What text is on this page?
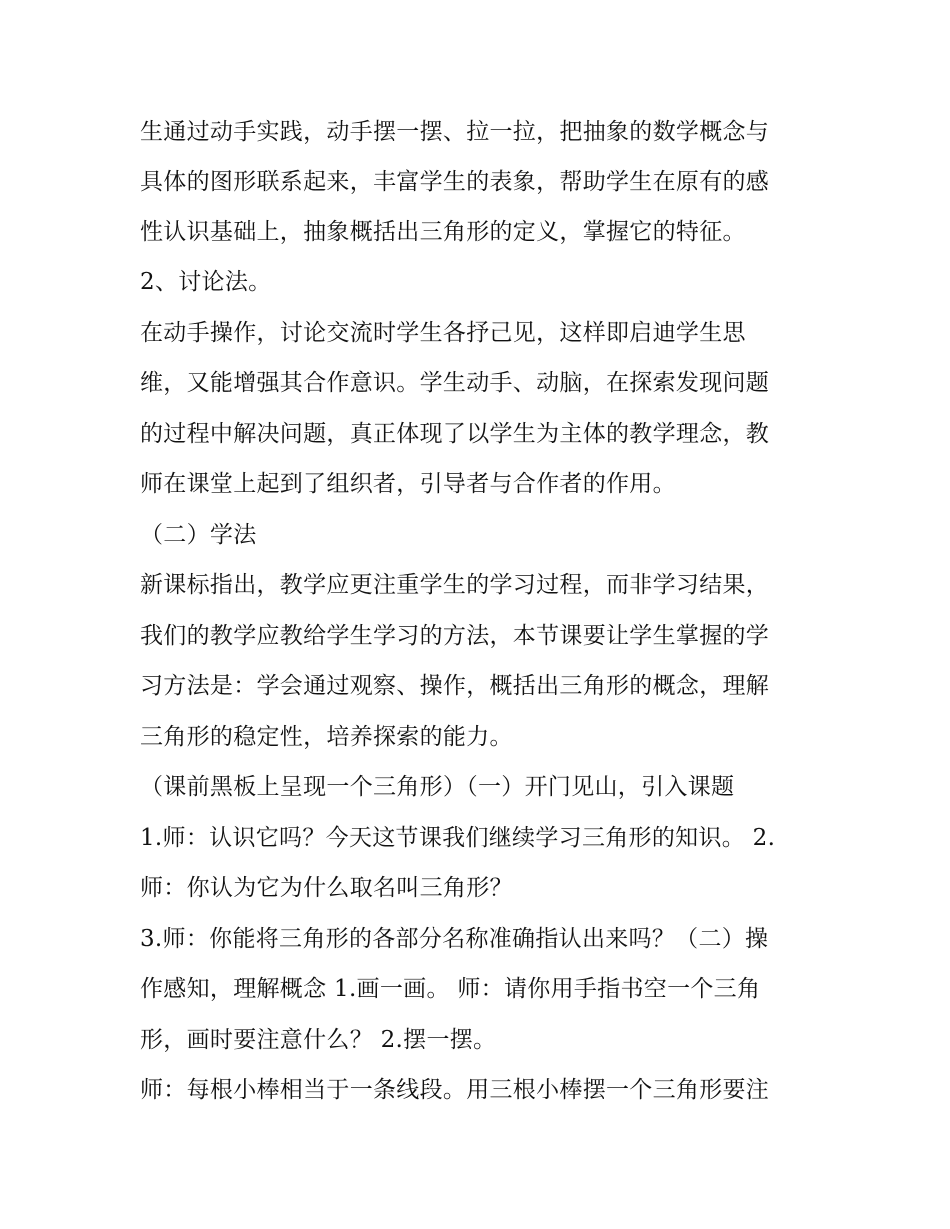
生通过动手实践，动手摆一摆、拉一拉，把抽象的数学概念与
具体的图形联系起来，丰富学生的表象，帮助学生在原有的感
性认识基础上，抽象概括出三角形的定义，掌握它的特征。
2、讨论法。
在动手操作，讨论交流时学生各抒己见，这样即启迪学生思
维，又能增强其合作意识。学生动手、动脑，在探索发现问题
的过程中解决问题，真正体现了以学生为主体的教学理念，教
师在课堂上起到了组织者，引导者与合作者的作用。
（二）学法
新课标指出，教学应更注重学生的学习过程，而非学习结果，
我们的教学应教给学生学习的方法，本节课要让学生掌握的学
习方法是：学会通过观察、操作，概括出三角形的概念，理解
三角形的稳定性，培养探索的能力。
（课前黑板上呈现一个三角形）（一）开门见山，引入课题
1.师：认识它吗？今天这节课我们继续学习三角形的知识。 2.
师：你认为它为什么取名叫三角形？
3.师：你能将三角形的各部分名称准确指认出来吗？（二）操
作感知，理解概念 1.画一画。 师：请你用手指书空一个三角
形，画时要注意什么？ 2.摆一摆。
师：每根小棒相当于一条线段。用三根小棒摆一个三角形要注
